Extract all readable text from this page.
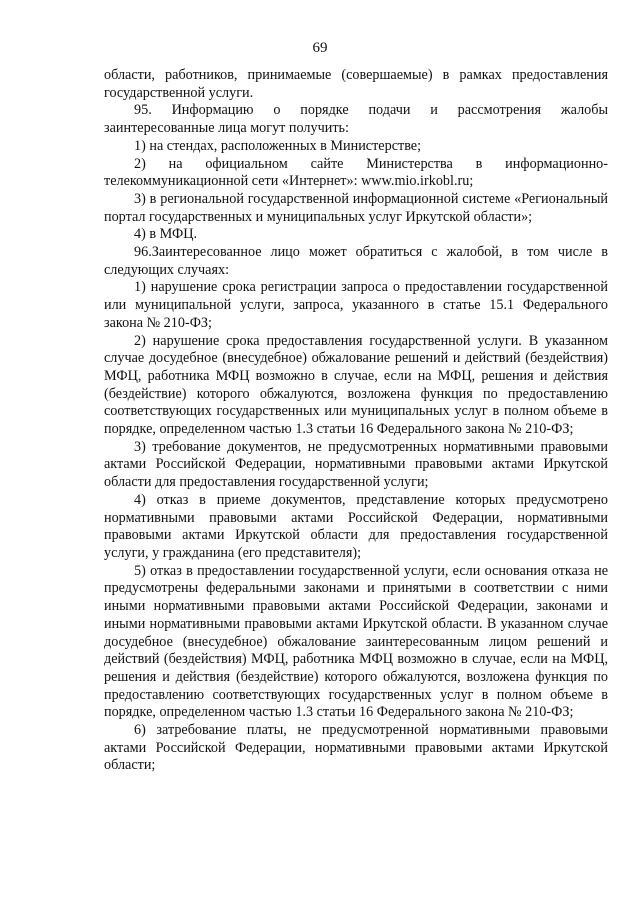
69

области, работников, принимаемые (совершаемые) в рамках предоставления государственной услуги.

95. Информацию о порядке подачи и рассмотрения жалобы заинтересованные лица могут получить:

1) на стендах, расположенных в Министерстве;

2) на официальном сайте Министерства в информационно-телекоммуникационной сети «Интернет»: www.mio.irkobl.ru;

3) в региональной государственной информационной системе «Региональный портал государственных и муниципальных услуг Иркутской области»;

4) в МФЦ.

96.Заинтересованное лицо может обратиться с жалобой, в том числе в следующих случаях:

1) нарушение срока регистрации запроса о предоставлении государственной или муниципальной услуги, запроса, указанного в статье 15.1 Федерального закона № 210-ФЗ;

2) нарушение срока предоставления государственной услуги. В указанном случае досудебное (внесудебное) обжалование решений и действий (бездействия) МФЦ, работника МФЦ возможно в случае, если на МФЦ, решения и действия (бездействие) которого обжалуются, возложена функция по предоставлению соответствующих государственных или муниципальных услуг в полном объеме в порядке, определенном частью 1.3 статьи 16 Федерального закона № 210-ФЗ;

3) требование документов, не предусмотренных нормативными правовыми актами Российской Федерации, нормативными правовыми актами Иркутской области для предоставления государственной услуги;

4) отказ в приеме документов, представление которых предусмотрено нормативными правовыми актами Российской Федерации, нормативными правовыми актами Иркутской области для предоставления государственной услуги, у гражданина (его представителя);

5) отказ в предоставлении государственной услуги, если основания отказа не предусмотрены федеральными законами и принятыми в соответствии с ними иными нормативными правовыми актами Российской Федерации, законами и иными нормативными правовыми актами Иркутской области. В указанном случае досудебное (внесудебное) обжалование заинтересованным лицом решений и действий (бездействия) МФЦ, работника МФЦ возможно в случае, если на МФЦ, решения и действия (бездействие) которого обжалуются, возложена функция по предоставлению соответствующих государственных услуг в полном объеме в порядке, определенном частью 1.3 статьи 16 Федерального закона № 210-ФЗ;

6) затребование платы, не предусмотренной нормативными правовыми актами Российской Федерации, нормативными правовыми актами Иркутской области;
